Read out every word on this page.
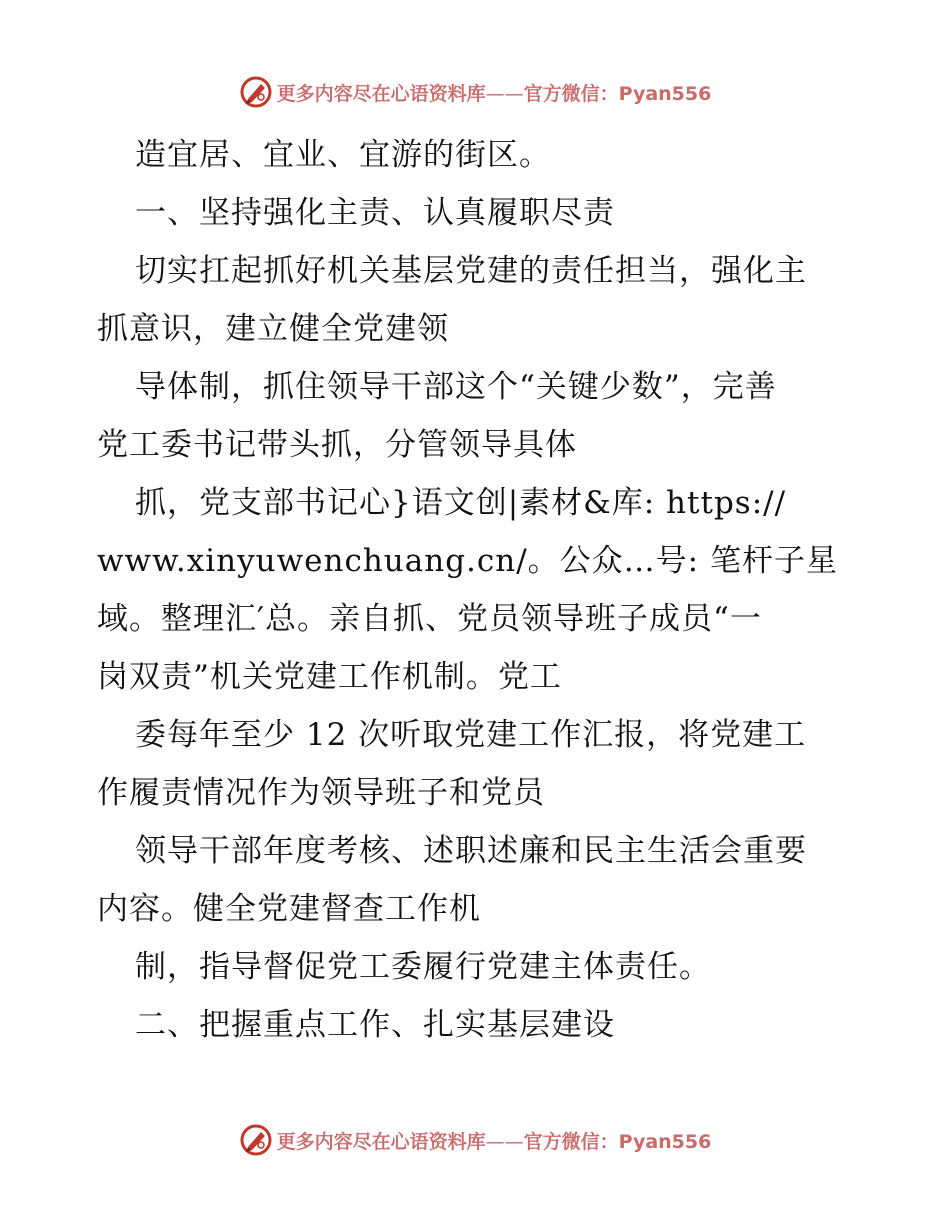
更多内容尽在心语资料库——官方微信：Pyan556
造宜居、宜业、宜游的街区。
一、坚持强化主责、认真履职尽责
切实扛起抓好机关基层党建的责任担当，强化主
抓意识，建立健全党建领
导体制，抓住领导干部这个“关键少数”，完善
党工委书记带头抓，分管领导具体
抓，党支部书记心}语文创|素材&库: https://
www.xinyuwenchuang.cn/。公众…号: 笔杆子星
域。整理汇′总。亲自抓、党员领导班子成员“一
岗双责”机关党建工作机制。党工
委每年至少 12 次听取党建工作汇报，将党建工
作履责情况作为领导班子和党员
领导干部年度考核、述职述廉和民主生活会重要
内容。健全党建督查工作机
制，指导督促党工委履行党建主体责任。
二、把握重点工作、扎实基层建设
更多内容尽在心语资料库——官方微信：Pyan556
